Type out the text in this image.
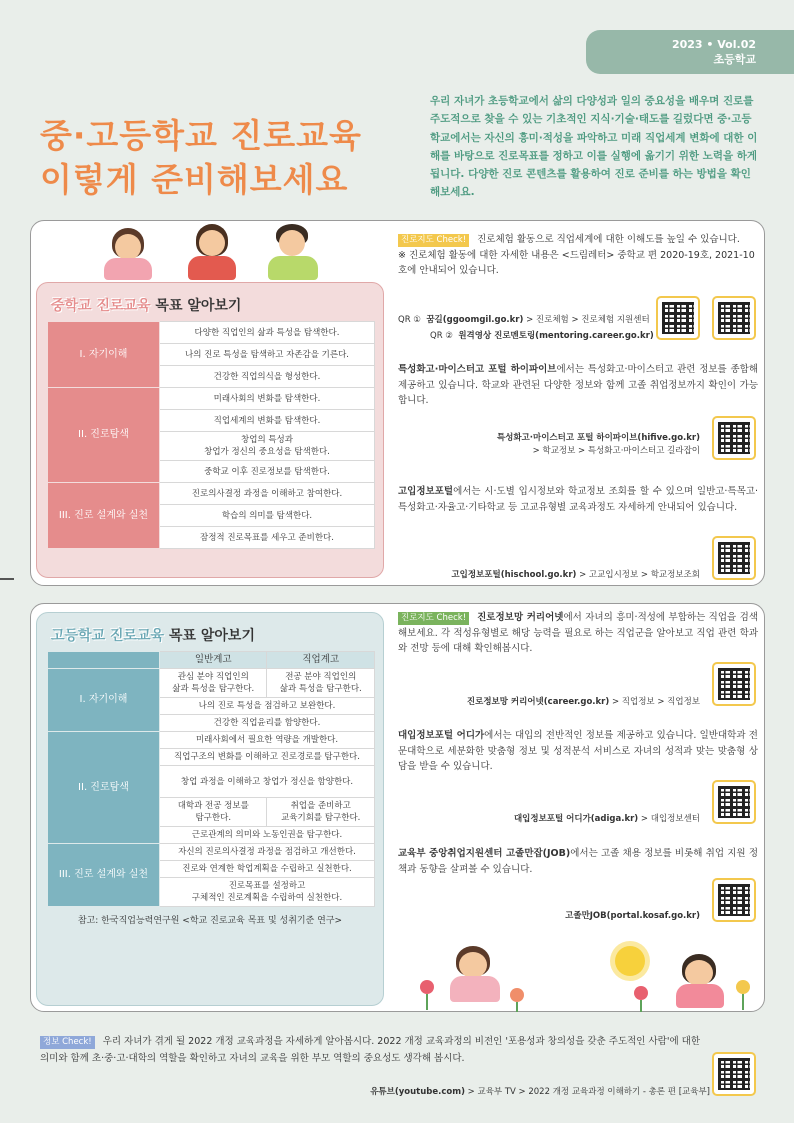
2023 • Vol.02
초등학교
중·고등학교 진로교육
이렇게 준비해보세요
우리 자녀가 초등학교에서 삶의 다양성과 일의 중요성을 배우며 진로를 주도적으로 찾을 수 있는 기초적인 지식·기술·태도를 길렀다면 중·고등학교에서는 자신의 흥미·적성을 파악하고 미래 직업세계 변화에 대한 이해를 바탕으로 진로목표를 정하고 이를 실행에 옮기기 위한 노력을 하게 됩니다. 다양한 진로 콘텐츠를 활용하여 진로 준비를 하는 방법을 확인해보세요.
중학교 진로교육 목표 알아보기
I. 자기이해	다양한 직업인의 삶과 특성을 탐색한다.
	나의 진로 특성을 탐색하고 자존감을 기른다.
	건강한 직업의식을 형성한다.
II. 진로탐색	미래사회의 변화를 탐색한다.
	직업세계의 변화를 탐색한다.
	창업의 특성과
창업가 정신의 중요성을 탐색한다.
	중학교 이후 진로정보를 탐색한다.
III. 진로 설계와 실천	진로의사결정 과정을 이해하고 참여한다.
	학습의 의미를 탐색한다.
	잠정적 진로목표를 세우고 준비한다.
진로지도 Check! 진로체험 활동으로 직업세계에 대한 이해도를 높일 수 있습니다.
※ 진로체험 활동에 대한 자세한 내용은 <드림레터> 중학교 편 2020-19호, 2021-10호에 안내되어 있습니다.
QR ① 꿈길(ggoomgil.go.kr) > 진로체험 > 진로체험 지원센터
QR ② 원격영상 진로멘토링(mentoring.career.go.kr)
특성화고·마이스터고 포털 하이파이브에서는 특성화고·마이스터고 관련 정보를 종합해 제공하고 있습니다. 학교와 관련된 다양한 정보와 함께 고졸 취업정보까지 확인이 가능합니다.
특성화고·마이스터고 포털 하이파이브(hifive.go.kr)
> 학교정보 > 특성화고·마이스터고 길라잡이
고입정보포털에서는 시·도별 입시정보와 학교정보 조회를 할 수 있으며 일반고·특목고·특성화고·자율고·기타학교 등 고교유형별 교육과정도 자세하게 안내되어 있습니다.
고입정보포털(hischool.go.kr) > 고교입시정보 > 학교정보조회
고등학교 진로교육 목표 알아보기
	일반계고	직업계고
I. 자기이해	관심 분야 직업인의
삶과 특성을 탐구한다.	전공 분야 직업인의
삶과 특성을 탐구한다.
	나의 진로 특성을 점검하고 보완한다.	
	건강한 직업윤리를 함양한다.	
II. 진로탐색	미래사회에서 필요한 역량을 개발한다.	
	직업구조의 변화를 이해하고 진로경로를 탐구한다.	
	창업 과정을 이해하고 창업가 정신을 함양한다.	
	대학과 전공 정보를
탐구한다.	취업을 준비하고
교육기회를 탐구한다.
	근로관계의 의미와 노동인권을 탐구한다.	
III. 진로 설계와 실천	자신의 진로의사결정 과정을 점검하고 개선한다.	
	진로와 연계한 학업계획을 수립하고 실천한다.	
	진로목표를 설정하고
구체적인 진로계획을 수립하여 실천한다.	
참고: 한국직업능력연구원 <학교 진로교육 목표 및 성취기준 연구>
진로지도 Check! 진로정보망 커리어넷에서 자녀의 흥미·적성에 부합하는 직업을 검색해보세요. 각 적성유형별로 해당 능력을 필요로 하는 직업군을 알아보고 직업 관련 학과와 전망 등에 대해 확인해봅시다.
진로정보망 커리어넷(career.go.kr) > 직업정보 > 직업정보
대입정보포털 어디가에서는 대입의 전반적인 정보를 제공하고 있습니다. 일반대학과 전문대학으로 세분화한 맞춤형 정보 및 성적분석 서비스로 자녀의 성적과 맞는 맞춤형 상담을 받을 수 있습니다.
대입정보포털 어디가(adiga.kr) > 대입정보센터
교육부 중앙취업지원센터 고졸만잡(JOB)에서는 고졸 채용 정보를 비롯해 취업 지원 정책과 동향을 살펴볼 수 있습니다.
고졸만JOB(portal.kosaf.go.kr)
정보 Check! 우리 자녀가 겪게 될 2022 개정 교육과정을 자세하게 알아봅시다. 2022 개정 교육과정의 비전인 '포용성과 창의성을 갖춘 주도적인 사람'에 대한 의미와 함께 초·중·고·대학의 역할을 확인하고 자녀의 교육을 위한 부모 역할의 중요성도 생각해 봅시다.
유튜브(youtube.com) > 교육부 TV > 2022 개정 교육과정 이해하기 - 총론 편 [교육부]
